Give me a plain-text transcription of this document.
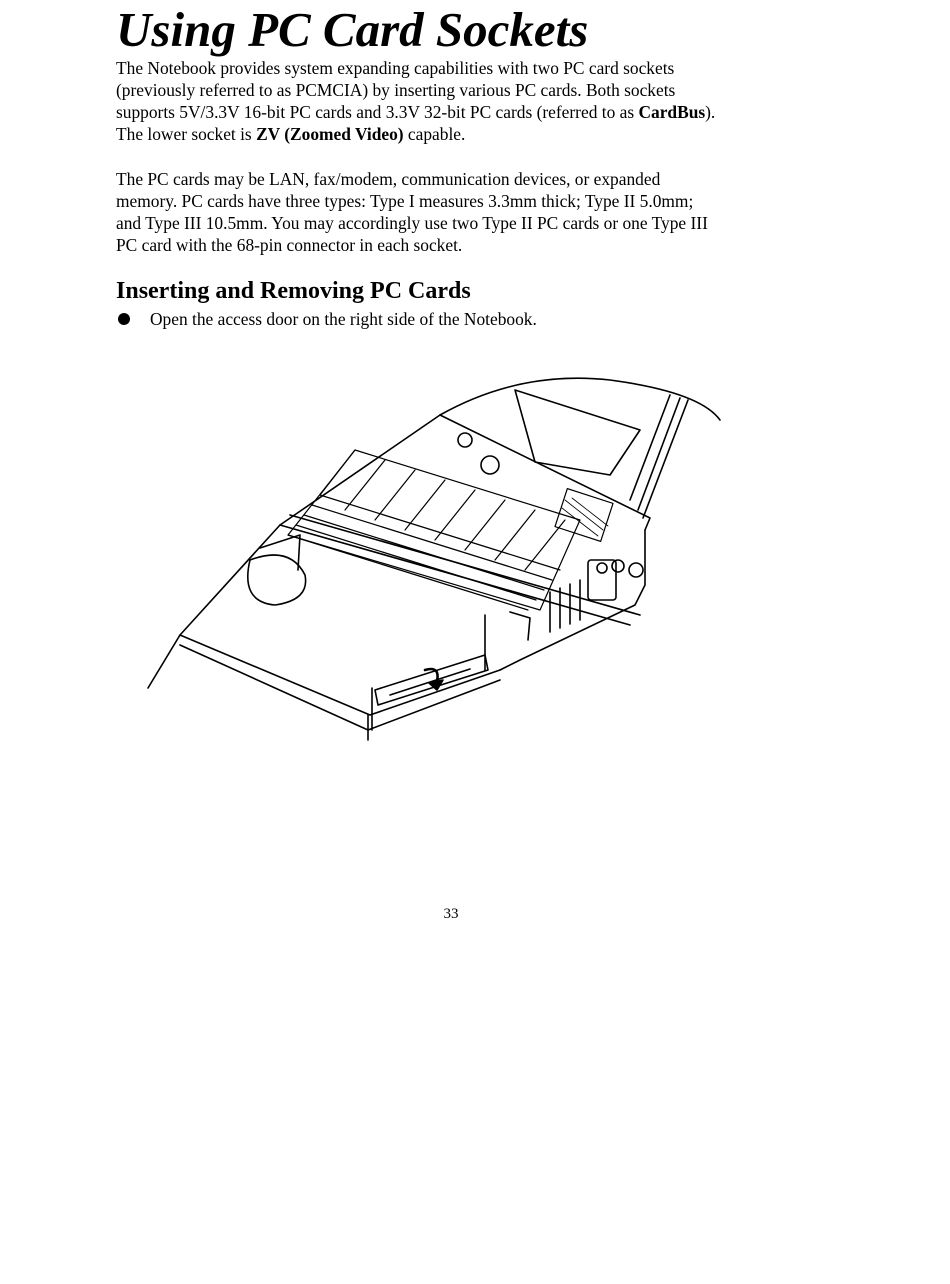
Using PC Card Sockets

The Notebook provides system expanding capabilities with two PC card sockets
(previously referred to as PCMCIA) by inserting various PC cards. Both sockets
supports 5V/3.3V 16-bit PC cards and 3.3V 32-bit PC cards (referred to as CardBus).
The lower socket is ZV (Zoomed Video) capable.

The PC cards may be LAN, fax/modem, communication devices, or expanded
memory. PC cards have three types: Type I measures 3.3mm thick; Type II 5.0mm;
and Type III 10.5mm. You may accordingly use two Type II PC cards or one Type III
PC card with the 68-pin connector in each socket.

Inserting and Removing PC Cards
Open the access door on the right side of the Notebook.
33
